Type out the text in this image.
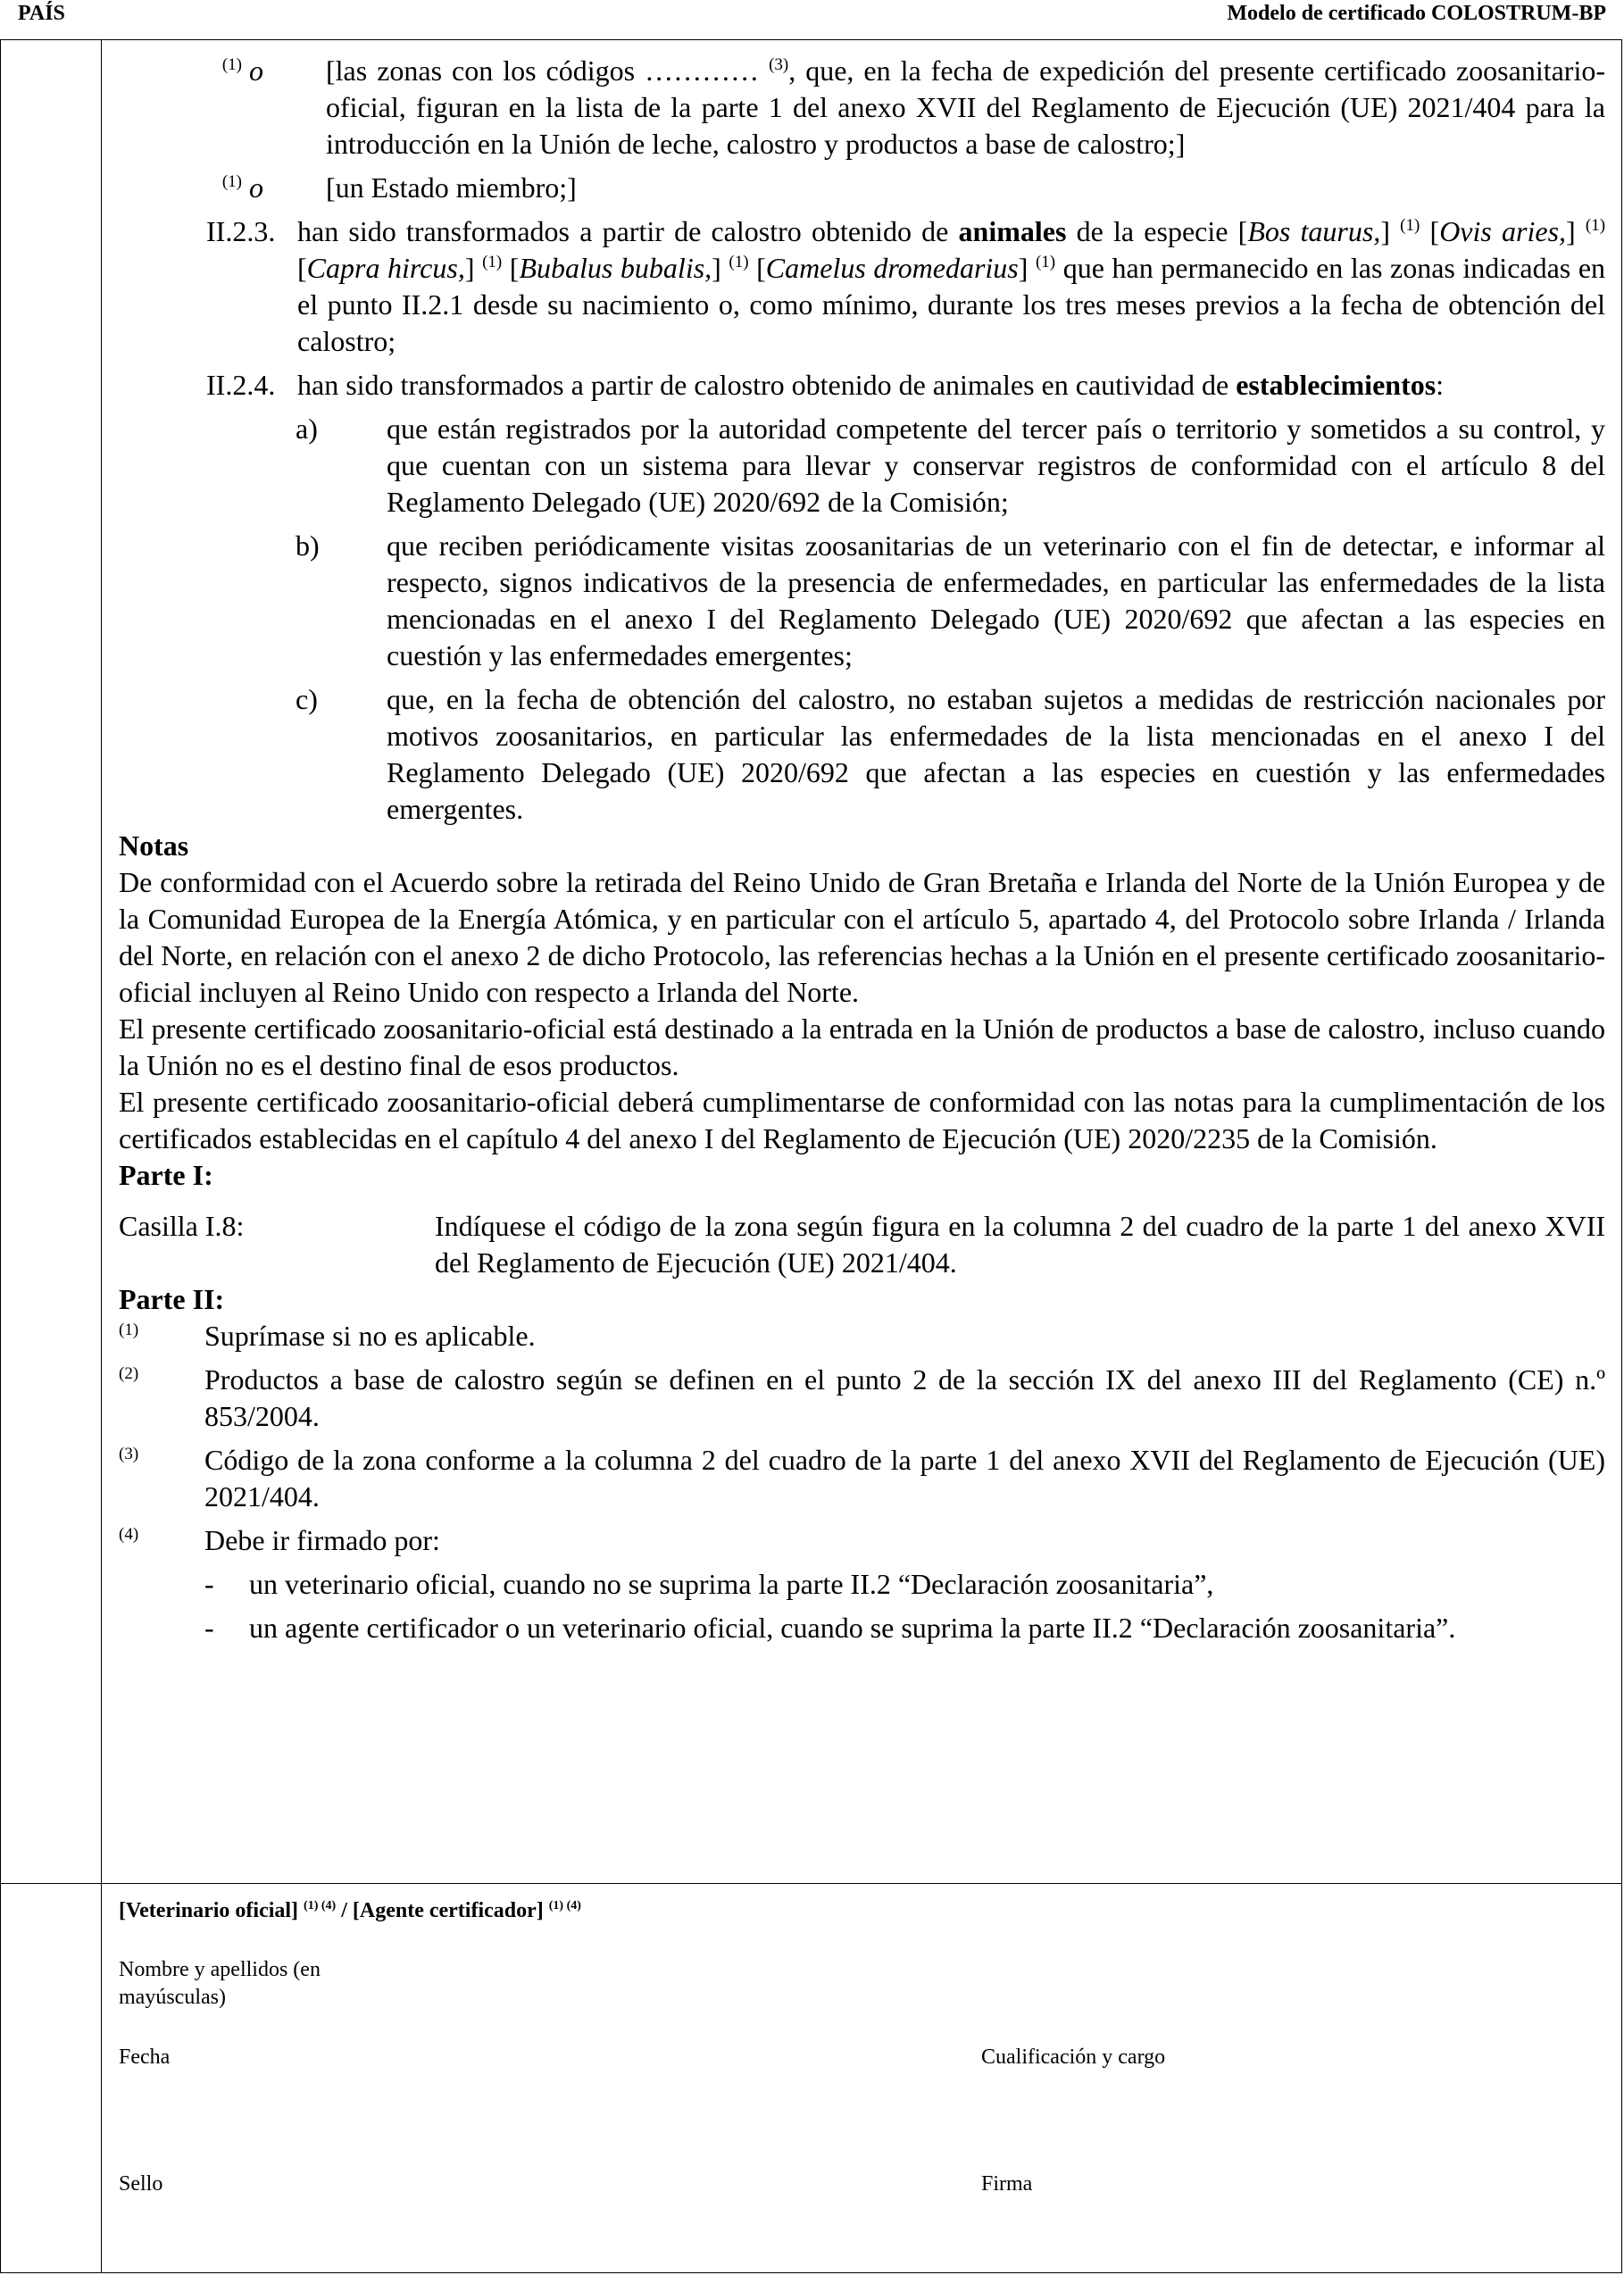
PAÍS	Modelo de certificado COLOSTRUM-BP
$^{(1)}$ o [las zonas con los códigos ………… $^{(3)}$, que, en la fecha de expedición del presente certificado zoosanitario-oficial, figuran en la lista de la parte 1 del anexo XVII del Reglamento de Ejecución (UE) 2021/404 para la introducción en la Unión de leche, calostro y productos a base de calostro;]
$^{(1)}$ o [un Estado miembro;]
II.2.3. han sido transformados a partir de calostro obtenido de animales de la especie [Bos taurus,] $^{(1)}$ [Ovis aries,] $^{(1)}$ [Capra hircus,] $^{(1)}$ [Bubalus bubalis,] $^{(1)}$ [Camelus dromedarius] $^{(1)}$ que han permanecido en las zonas indicadas en el punto II.2.1 desde su nacimiento o, como mínimo, durante los tres meses previos a la fecha de obtención del calostro;
II.2.4. han sido transformados a partir de calostro obtenido de animales en cautividad de establecimientos:
a)	que están registrados por la autoridad competente del tercer país o territorio y sometidos a su control, y que cuentan con un sistema para llevar y conservar registros de conformidad con el artículo 8 del Reglamento Delegado (UE) 2020/692 de la Comisión;
b)	que reciben periódicamente visitas zoosanitarias de un veterinario con el fin de detectar, e informar al respecto, signos indicativos de la presencia de enfermedades, en particular las enfermedades de la lista mencionadas en el anexo I del Reglamento Delegado (UE) 2020/692 que afectan a las especies en cuestión y las enfermedades emergentes;
c)	que, en la fecha de obtención del calostro, no estaban sujetos a medidas de restricción nacionales por motivos zoosanitarios, en particular las enfermedades de la lista mencionadas en el anexo I del Reglamento Delegado (UE) 2020/692 que afectan a las especies en cuestión y las enfermedades emergentes.

Notas

De conformidad con el Acuerdo sobre la retirada del Reino Unido de Gran Bretaña e Irlanda del Norte de la Unión Europea y de la Comunidad Europea de la Energía Atómica, y en particular con el artículo 5, apartado 4, del Protocolo sobre Irlanda / Irlanda del Norte, en relación con el anexo 2 de dicho Protocolo, las referencias hechas a la Unión en el presente certificado zoosanitario-oficial incluyen al Reino Unido con respecto a Irlanda del Norte.

El presente certificado zoosanitario-oficial está destinado a la entrada en la Unión de productos a base de calostro, incluso cuando la Unión no es el destino final de esos productos.

El presente certificado zoosanitario-oficial deberá cumplimentarse de conformidad con las notas para la cumplimentación de los certificados establecidas en el capítulo 4 del anexo I del Reglamento de Ejecución (UE) 2020/2235 de la Comisión.

Parte I:

Casilla I.8:	Indíquese el código de la zona según figura en la columna 2 del cuadro de la parte 1 del anexo XVII del Reglamento de Ejecución (UE) 2021/404.

Parte II:

$^{(1)}$	Suprímase si no es aplicable.
$^{(2)}$	Productos a base de calostro según se definen en el punto 2 de la sección IX del anexo III del Reglamento (CE) n.º 853/2004.
$^{(3)}$	Código de la zona conforme a la columna 2 del cuadro de la parte 1 del anexo XVII del Reglamento de Ejecución (UE) 2021/404.
$^{(4)}$	Debe ir firmado por:
-	un veterinario oficial, cuando no se suprima la parte II.2 “Declaración zoosanitaria”,
-	un agente certificador o un veterinario oficial, cuando se suprima la parte II.2 “Declaración zoosanitaria”.
[Veterinario oficial] $^{(1) (4)}$ / [Agente certificador] $^{(1) (4)}$
Nombre y apellidos (en mayúsculas)
Fecha	Cualificación y cargo
Sello	Firma
